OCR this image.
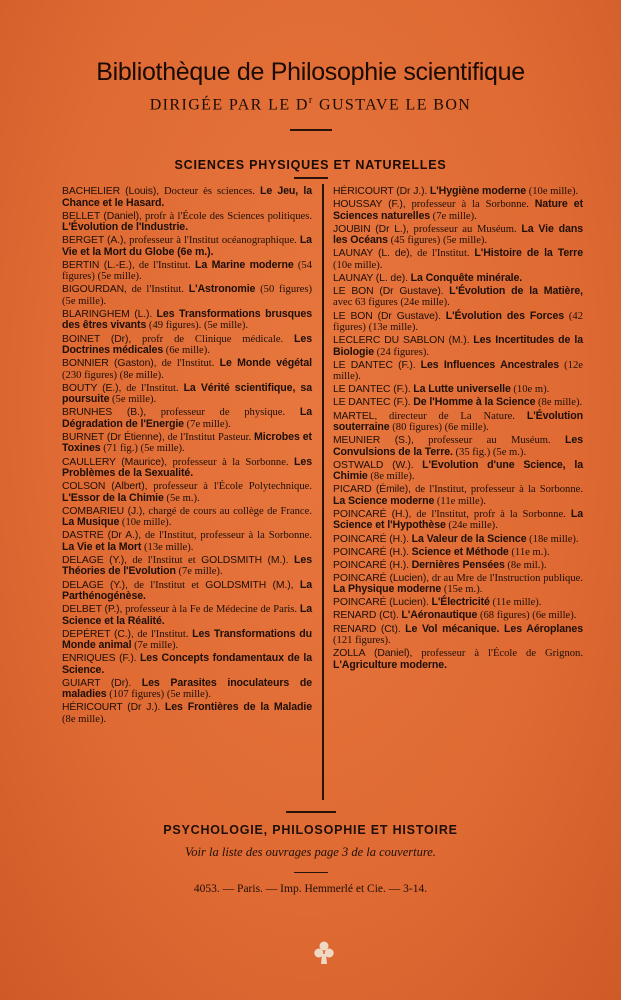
Bibliothèque de Philosophie scientifique
DIRIGÉE PAR LE $D^r$ GUSTAVE LE BON
SCIENCES PHYSIQUES ET NATURELLES

BACHELIER (Louis), Docteur ès sciences. Le Jeu, la Chance et le Hasard.

BELLET (Daniel), profr à l'École des Sciences politiques. L'Évolution de l'Industrie.

BERGET (A.), professeur à l'Institut océanographique. La Vie et la Mort du Globe (6e m.).

BERTIN (L.-E.), de l'Institut. La Marine moderne (54 figures) (5e mille).

BIGOURDAN, de l'Institut. L'Astronomie (50 figures) (5e mille).

BLARINGHEM (L.). Les Transformations brusques des êtres vivants (49 figures). (5e mille).

BOINET (Dr), profr de Clinique médicale. Les Doctrines médicales (6e mille).

BONNIER (Gaston), de l'Institut. Le Monde végétal (230 figures) (8e mille).

BOUTY (E.), de l'Institut. La Vérité scientifique, sa poursuite (5e mille).

BRUNHES (B.), professeur de physique. La Dégradation de l'Energie (7e mille).

BURNET (Dr Étienne), de l'Institut Pasteur. Microbes et Toxines (71 fig.) (5e mille).

CAULLERY (Maurice), professeur à la Sorbonne. Les Problèmes de la Sexualité.

COLSON (Albert), professeur à l'École Polytechnique. L'Essor de la Chimie (5e m.).

COMBARIEU (J.), chargé de cours au collège de France. La Musique (10e mille).

DASTRE (Dr A.), de l'Institut, professeur à la Sorbonne. La Vie et la Mort (13e mille).

DELAGE (Y.), de l'Institut et GOLDSMITH (M.). Les Théories de l'Evolution (7e mille).

DELAGE (Y.), de l'Institut et GOLDSMITH (M.), La Parthénogénèse.

DELBET (P.), professeur à la Fe de Médecine de Paris. La Science et la Réalité.

DEPÉRET (C.), de l'Institut. Les Transformations du Monde animal (7e mille).

ENRIQUES (F.). Les Concepts fondamentaux de la Science.

GUIART (Dr). Les Parasites inoculateurs de maladies (107 figures) (5e mille).

HÉRICOURT (Dr J.). Les Frontières de la Maladie (8e mille).

HÉRICOURT (Dr J.). L'Hygiène moderne (10e mille).

HOUSSAY (F.), professeur à la Sorbonne. Nature et Sciences naturelles (7e mille).

JOUBIN (Dr L.), professeur au Muséum. La Vie dans les Océans (45 figures) (5e mille).

LAUNAY (L. de), de l'Institut. L'Histoire de la Terre (10e mille).

LAUNAY (L. de). La Conquête minérale.

LE BON (Dr Gustave). L'Évolution de la Matière, avec 63 figures (24e mille).

LE BON (Dr Gustave). L'Évolution des Forces (42 figures) (13e mille).

LECLERC DU SABLON (M.). Les Incertitudes de la Biologie (24 figures).

LE DANTEC (F.). Les Influences Ancestrales (12e mille).

LE DANTEC (F.). La Lutte universelle (10e m).

LE DANTEC (F.). De l'Homme à la Science (8e mille).

MARTEL, directeur de La Nature. L'Évolution souterraine (80 figures) (6e mille).

MEUNIER (S.), professeur au Muséum. Les Convulsions de la Terre. (35 fig.) (5e m.).

OSTWALD (W.). L'Evolution d'une Science, la Chimie (8e mille).

PICARD (Émile), de l'Institut, professeur à la Sorbonne. La Science moderne (11e mille).

POINCARÉ (H.), de l'Institut, profr à la Sorbonne. La Science et l'Hypothèse (24e mille).

POINCARÉ (H.). La Valeur de la Science (18e mille).

POINCARÉ (H.). Science et Méthode (11e m.).

POINCARÉ (H.). Dernières Pensées (8e mil.).

POINCARÉ (Lucien), dr au Mre de l'Instruction publique. La Physique moderne (15e m.).

POINCARÉ (Lucien). L'Électricité (11e mille).

RENARD (Ct). L'Aéronautique (68 figures) (6e mille).

RENARD (Ct). Le Vol mécanique. Les Aéroplanes (121 figures).

ZOLLA (Daniel), professeur à l'École de Grignon. L'Agriculture moderne.

PSYCHOLOGIE, PHILOSOPHIE ET HISTOIRE
Voir la liste des ouvrages page 3 de la couverture.
4053. — Paris. — Imp. Hemmerlé et Cie. — 3-14.
